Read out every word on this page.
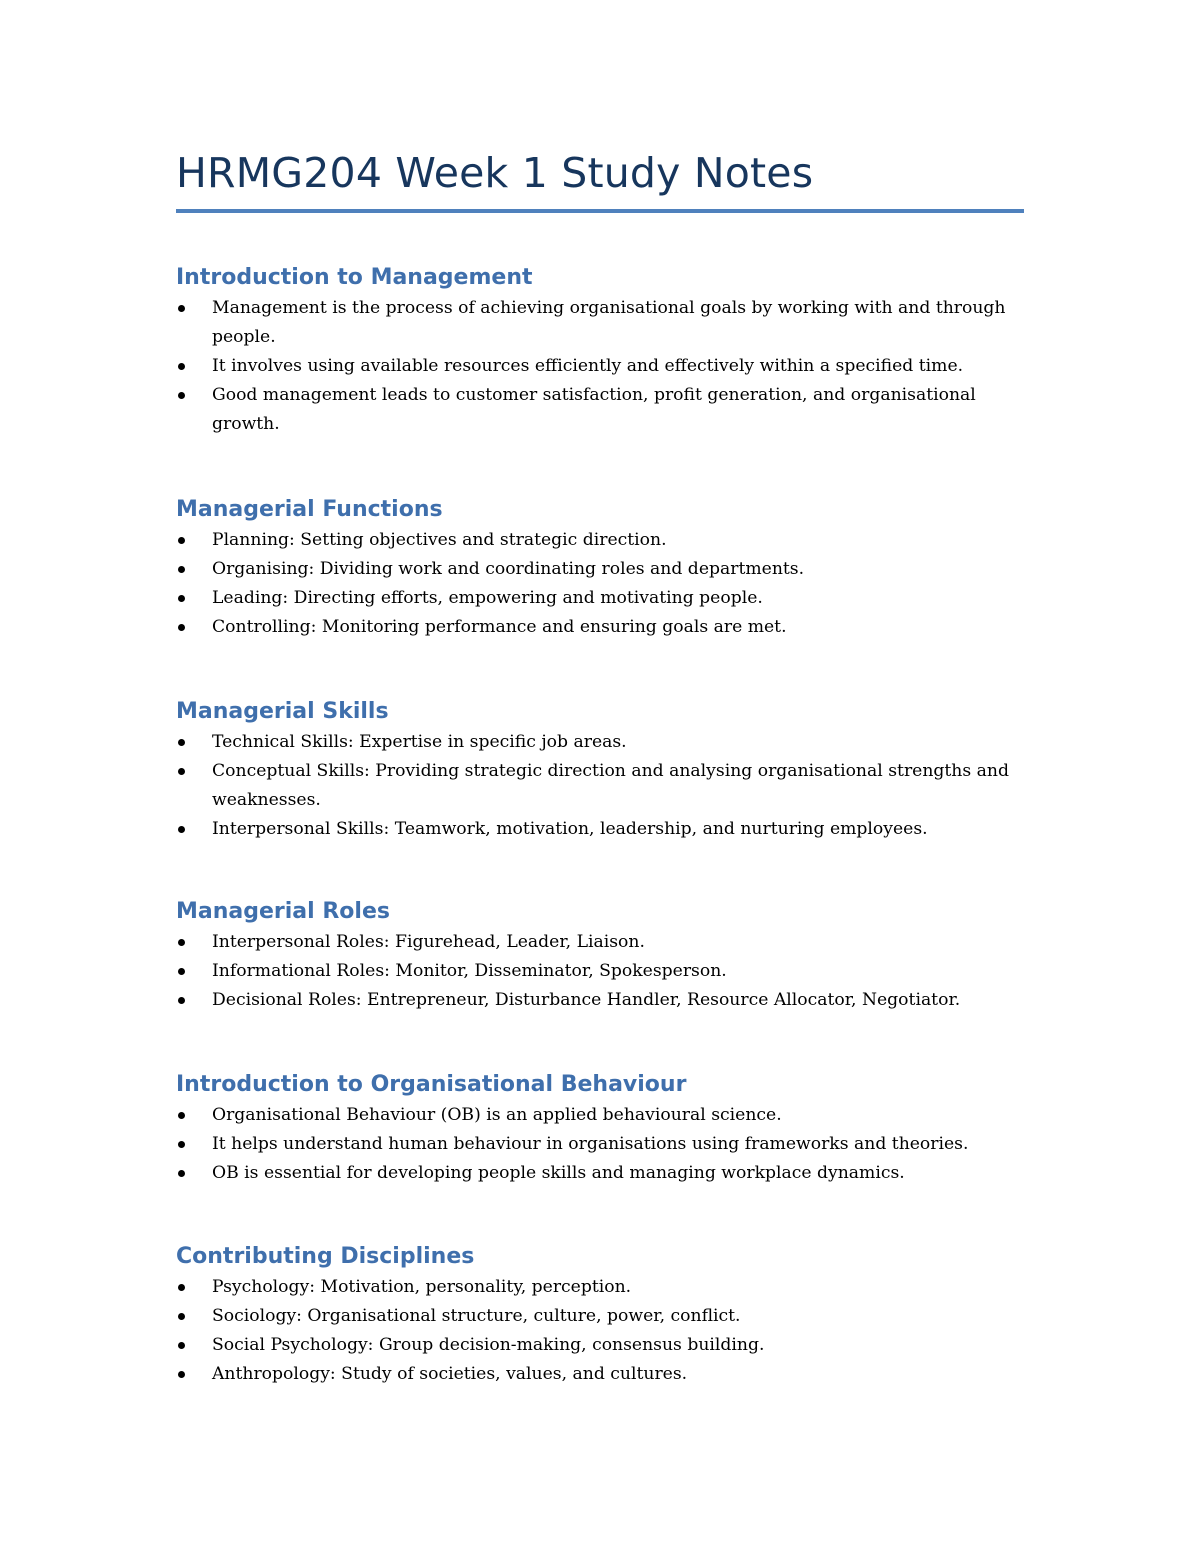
HRMG204 Week 1 Study Notes
Introduction to Management
Management is the process of achieving organisational goals by working with and through people.
It involves using available resources efficiently and effectively within a specified time.
Good management leads to customer satisfaction, profit generation, and organisational growth.
Managerial Functions
Planning: Setting objectives and strategic direction.
Organising: Dividing work and coordinating roles and departments.
Leading: Directing efforts, empowering and motivating people.
Controlling: Monitoring performance and ensuring goals are met.
Managerial Skills
Technical Skills: Expertise in specific job areas.
Conceptual Skills: Providing strategic direction and analysing organisational strengths and weaknesses.
Interpersonal Skills: Teamwork, motivation, leadership, and nurturing employees.
Managerial Roles
Interpersonal Roles: Figurehead, Leader, Liaison.
Informational Roles: Monitor, Disseminator, Spokesperson.
Decisional Roles: Entrepreneur, Disturbance Handler, Resource Allocator, Negotiator.
Introduction to Organisational Behaviour
Organisational Behaviour (OB) is an applied behavioural science.
It helps understand human behaviour in organisations using frameworks and theories.
OB is essential for developing people skills and managing workplace dynamics.
Contributing Disciplines
Psychology: Motivation, personality, perception.
Sociology: Organisational structure, culture, power, conflict.
Social Psychology: Group decision-making, consensus building.
Anthropology: Study of societies, values, and cultures.
